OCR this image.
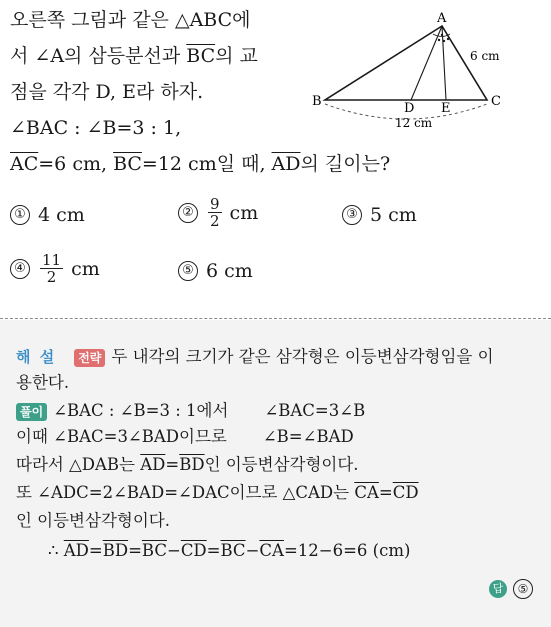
오른쪽 그림과 같은 △ABC에
서 ∠A의 삼등분선과 $\overline{BC}$의 교
점을 각각 D, E라 하자.
∠BAC : ∠B=3 : 1,
$\overline{AC}=6$ cm, $\overline{BC}=12$ cm일 때, $\overline{AD}$의 길이는?
A
B	C
D E
6 cm
12 cm
① 4 cm	② $\frac{9}{2}$ cm	③ 5 cm
④ $\frac{11}{2}$ cm	⑤ 6 cm
해 설 전략 두 내각의 크기가 같은 삼각형은 이등변삼각형임을 이
용한다.
풀이 ∠BAC : ∠B=3 : 1에서 ∠BAC=3∠B
이때 ∠BAC=3∠BAD이므로 ∠B=∠BAD
따라서 △DAB는 $\overline{AD}=\overline{BD}$인 이등변삼각형이다.
또 ∠ADC=2∠BAD=∠DAC이므로 △CAD는 $\overline{CA}=\overline{CD}$
인 이등변삼각형이다.
∴ $\overline{AD}=\overline{BD}=\overline{BC}-\overline{CD}=\overline{BC}-\overline{CA}=12-6=6$ (cm)
답	⑤
